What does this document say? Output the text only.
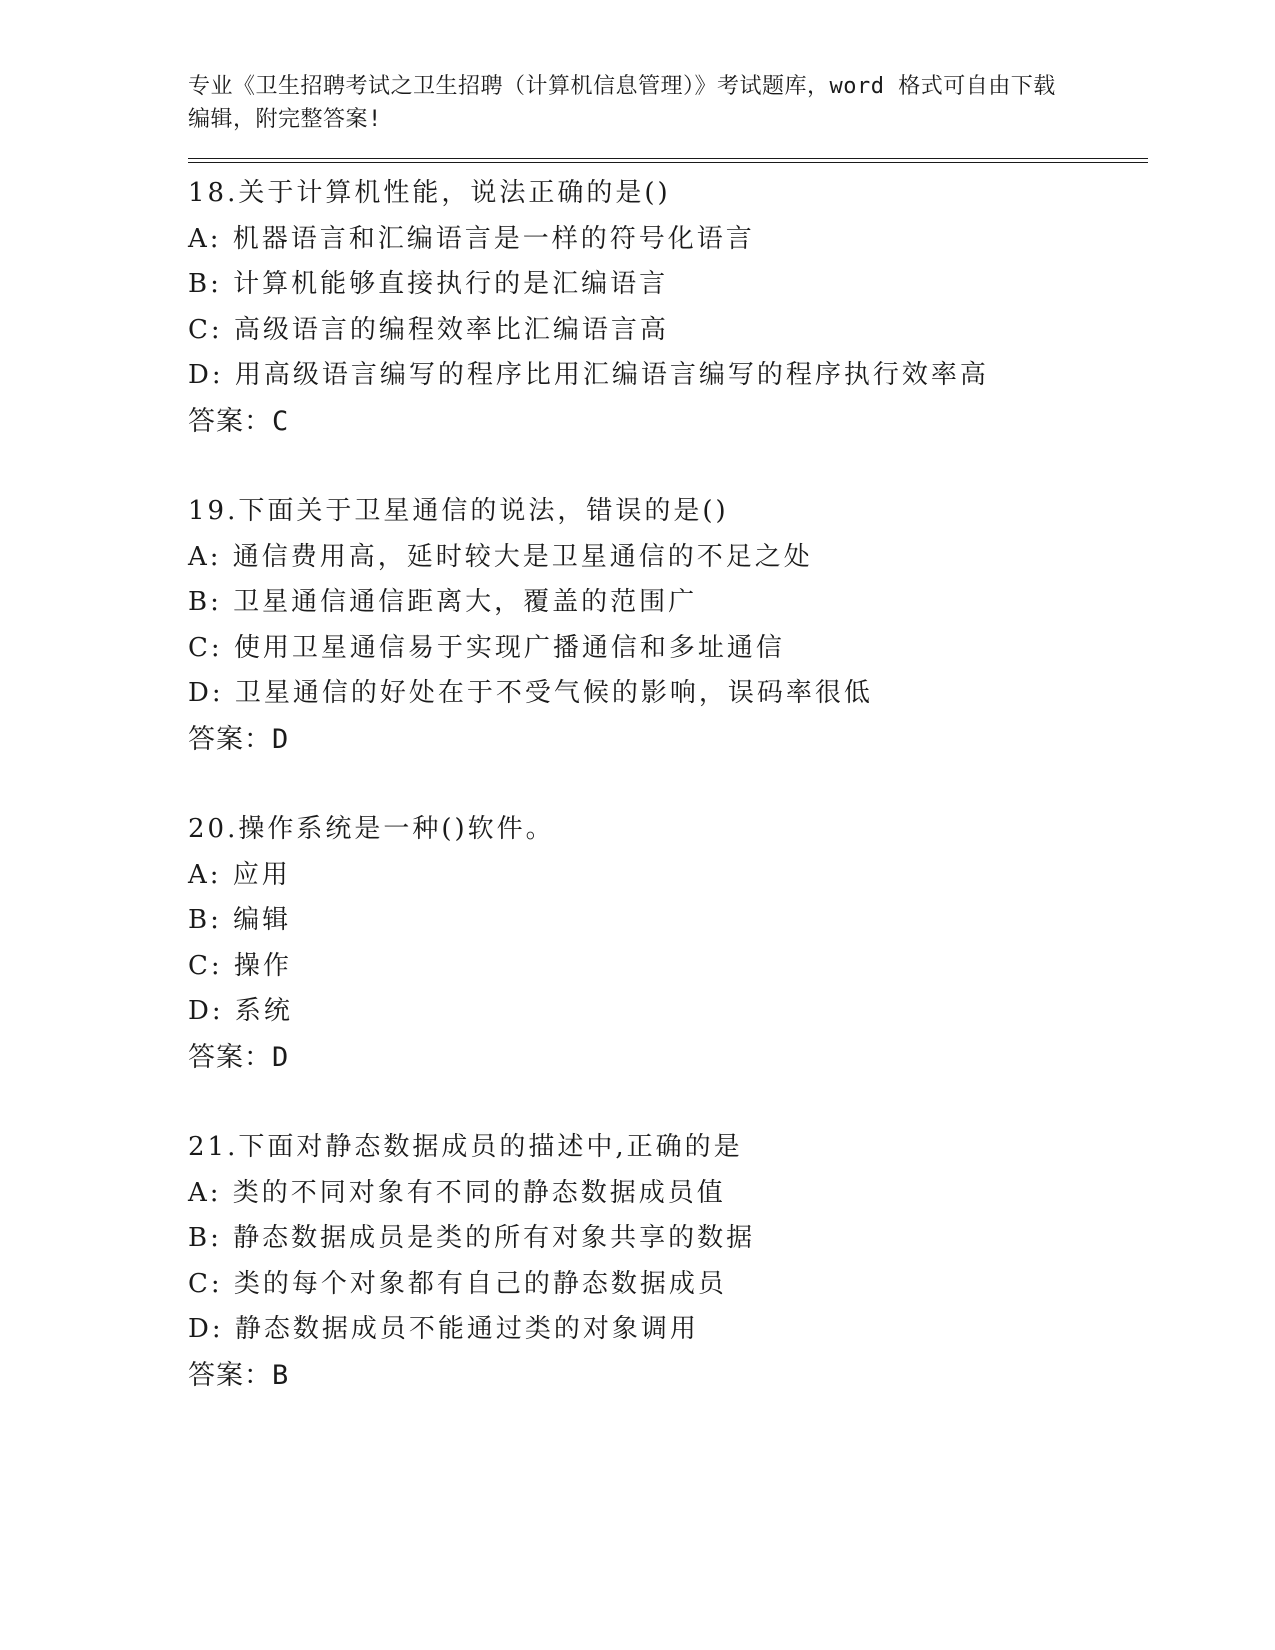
专业《卫生招聘考试之卫生招聘（计算机信息管理）》考试题库，word 格式可自由下载编辑，附完整答案!
18.关于计算机性能，说法正确的是()
A: 机器语言和汇编语言是一样的符号化语言
B: 计算机能够直接执行的是汇编语言
C: 高级语言的编程效率比汇编语言高
D: 用高级语言编写的程序比用汇编语言编写的程序执行效率高
答案：C
19.下面关于卫星通信的说法，错误的是()
A: 通信费用高，延时较大是卫星通信的不足之处
B: 卫星通信通信距离大，覆盖的范围广
C: 使用卫星通信易于实现广播通信和多址通信
D: 卫星通信的好处在于不受气候的影响，误码率很低
答案：D
20.操作系统是一种()软件。
A: 应用
B: 编辑
C: 操作
D: 系统
答案：D
21.下面对静态数据成员的描述中,正确的是
A: 类的不同对象有不同的静态数据成员值
B: 静态数据成员是类的所有对象共享的数据
C: 类的每个对象都有自己的静态数据成员
D: 静态数据成员不能通过类的对象调用
答案：B
